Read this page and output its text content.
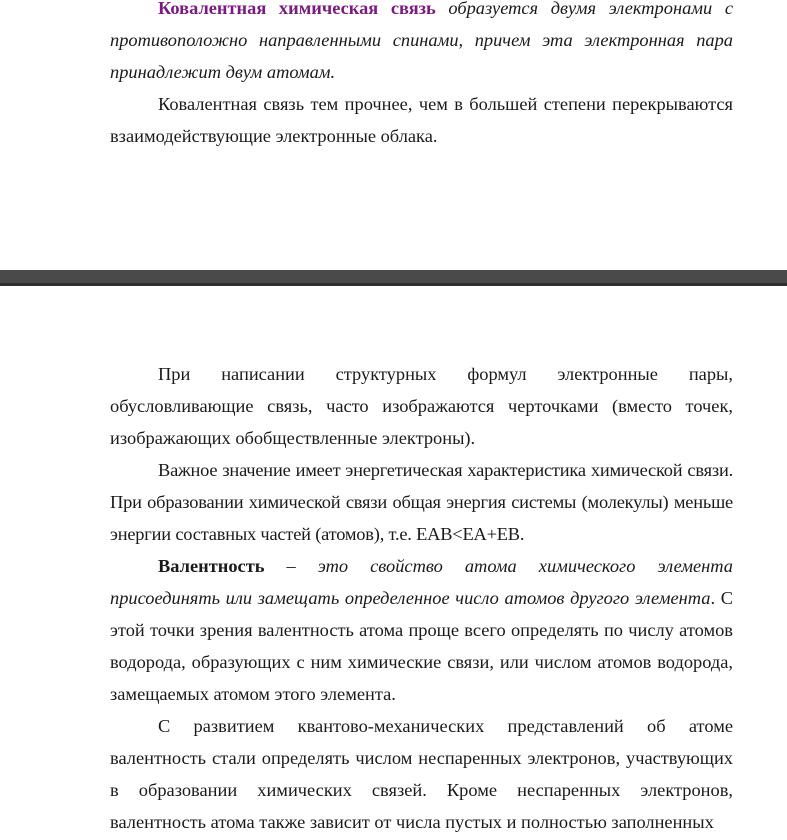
Ковалентная химическая связь образуется двумя электронами с противоположно направленными спинами, причем эта электронная пара принадлежит двум атомам.

Ковалентная связь тем прочнее, чем в большей степени перекрываются взаимодействующие электронные облака.

При написании структурных формул электронные пары, обусловливающие связь, часто изображаются черточками (вместо точек, изображающих обобществленные электроны).

Важное значение имеет энергетическая характеристика химической связи. При образовании химической связи общая энергия системы (молекулы) меньше энергии составных частей (атомов), т.е. EAB<EA+EB.

Валентность – это свойство атома химического элемента присоединять или замещать определенное число атомов другого элемента. С этой точки зрения валентность атома проще всего определять по числу атомов водорода, образующих с ним химические связи, или числом атомов водорода, замещаемых атомом этого элемента.

С развитием квантово-механических представлений об атоме валентность стали определять числом неспаренных электронов, участвующих в образовании химических связей. Кроме неспаренных электронов, валентность атома также зависит от числа пустых и полностью заполненных
